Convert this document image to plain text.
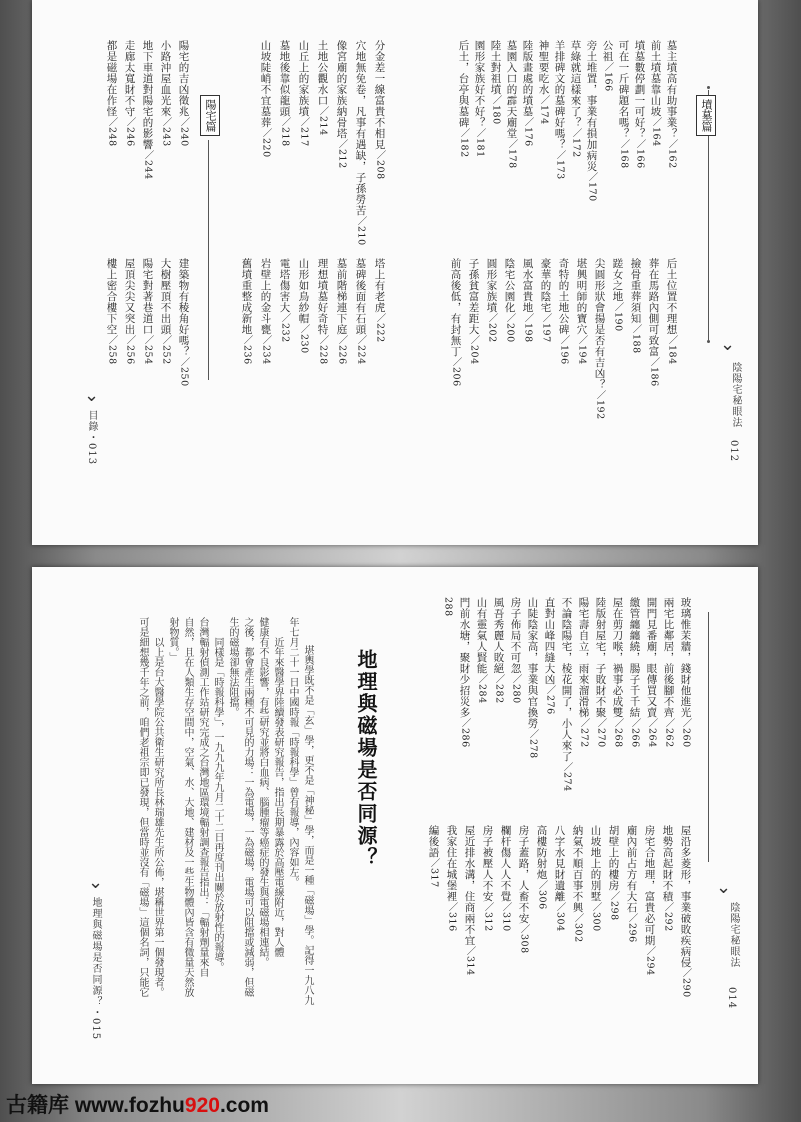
墳墓篇
⌄
陰陽宅秘眼法
012
墓主墳高有助事業？／162
前土墳墓靠山坡／164
墳墓數停劃一可好？／166
可在一斤碑題名嗎？／168
公祖／166
旁土堆置，事業有損加病災／170
草綠就這樣來了？／172
羊排碑文的墓碑好嗎？／173
神聖要吃水／174
陸版畫處的墳墓／176
墓園入口的霹天廟堂／178
陸土對祖墳／180
園形家族好不好？／181
后土，台亭與墓碑／182
后土位置不理想／184
葬在馬路內側可致富／186
撿骨重葬須知／188
蹉女之地／190
尖圓形狀會揚是否有吉凶？／192
堪興明師的寶穴／194
奇特的土地公碑／196
豪華的陰宅／197
風水富貴地／198
陰宅公園化／200
圓形家族墳／202
子孫貧富差距大／204
前高後低，有封無丁／206
陽宅篇
⌄
目錄・013
分金差一線富貴不相見／208
穴地無免卷，凡事有遇缺，子孫勞苦／210
像宮廟的家族納骨塔／212
土地公觀水口／214
山丘上的家族墳／217
墓地後靠似龍頭／218
山坡陡峭不宜墓葬／220
塔上有老虎／222
墓碑後面有石頭／224
墓前階梯連下庭／226
理想墳墓好奇特／228
山形如鳥紗帽／230
電塔傷害大／232
岩壁上的金斗甕／234
舊墳重整成新地／236
陽宅的吉凶徵兆／240
小路沖屋血光來／243
地下車道對陽宅的影響／244
走廊太寬財不守／246
都是磁場在作怪／248
建築物有稜角好嗎？／250
大樹壓頂不出頭／252
陽宅對著巷道口／254
屋頂尖尖又突出／256
樓上密合樓下空／258
⌄
陰陽宅秘眼法
014
玻璃惟茉牆，錢財他進光／260
兩宅比鄰居，前後腳不齊／262
開門見番廟，眼傳買又賣／264
繳管纏纏繞，腸子千千結／266
屋在剪刀喉，禍事必成雙／268
陸版射屋宅，子敗財不聚／270
陽宅壽自立，雨來溜滑梯／272
不論陰陽宅，棱花開了，小人來了／274
直對山峰四縫大凶／276
山陡陰家高，事業與官換勞／278
房子佈局不可忽／280
風吾秀麗人敗絕／282
山有靈氣人賢能／284
門前水塘，聚財少招災多／286
288
屋沿多菱形，事業破敗疾病侵／290
地勢高起財不積／292
房宅合地理，富貴必可期／294
廟內前占方有大石／296
胡壁上的樓房／298
山坡地上的別墅／300
納氣不順百事不興／302
八字水見財遺離／304
高樓防射炮／306
房子蓋路，人畜不安／308
欄杆傷人人不覺／310
房子被壓人不安／312
屋近排水溝，住商兩不宜／314
我家住在城堡裡／316
編後語／317
地理與磁場是否同源？
堪輿學既不是「玄」學，更不是「神秘」學，而是一種「磁場」學。記得一九八九
年七月二十一日中國時報「時報科學」曾有報導，內容如左。
　　近年來醫學界陸續發表研究報告，指出長期暴露於高壓電線附近，對人體
健康有不良影響，有些研究並將白血病、腦腫瘤等癌症的發生與電磁場相連結。
之後，都會產生兩種不可見的力場：一為電場，一為磁場，電場可以阻擋或減弱，但磁
生的磁場卻無法阻擋。
　　同樣是「時報科學」，一九九九年九月二十二日再度刊出關於放射性的報導。
台灣輻射偵測工作站研究完成之台灣地區環境輻射調查報告指出：「輻射劑量來自
自然，且在人類生存空間中，空氣、水、大地、建材及一些生物體內皆含有微量天然放
射物質。」
　　以上是台大醫學院公共衛生研究所長林瑞雄先生所公佈，堪稱世界第一個發現者。
可是細想幾千年之前，咱們老祖宗即已發現，但當時並沒有「磁場」這個名詞，只能它
⌄
地理與磁場是否同源？・015
古籍库 www.fozhu920.com
